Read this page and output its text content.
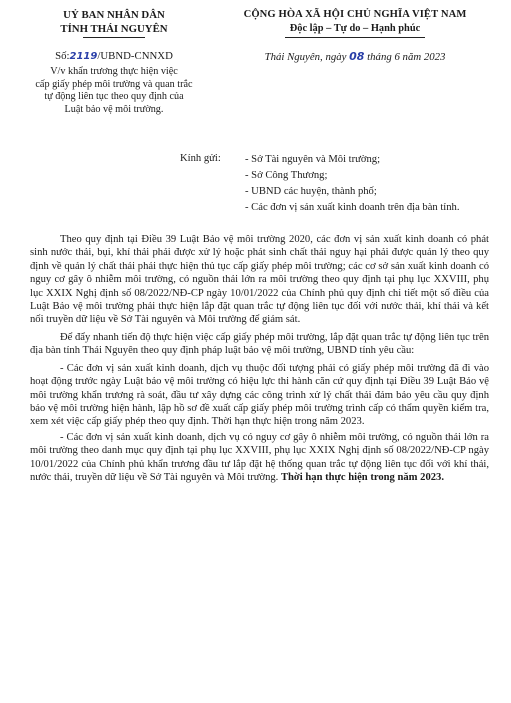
UỶ BAN NHÂN DÂN
TỈNH THÁI NGUYÊN
Số:2119/UBND-CNNXD
V/v khẩn trương thực hiện việc
cấp giấy phép môi trường và quan trắc
tự động liên tục theo quy định của
Luật bảo vệ môi trường.
CỘNG HÒA XÃ HỘI CHỦ NGHĨA VIỆT NAM
Độc lập – Tự do – Hạnh phúc
Thái Nguyên, ngày 08 tháng 6 năm 2023
Kính gửi:	- Sở Tài nguyên và Môi trường;
- Sở Công Thương;
- UBND các huyện, thành phố;
- Các đơn vị sản xuất kinh doanh trên địa bàn tỉnh.

Theo quy định tại Điều 39 Luật Bảo vệ môi trường 2020, các đơn vị sản xuất kinh doanh có phát sinh nước thải, bụi, khí thải phải được xử lý hoặc phát sinh chất thải nguy hại phải được quản lý theo quy định về quản lý chất thải phải thực hiện thủ tục cấp giấy phép môi trường; các cơ sở sản xuất kinh doanh có nguy cơ gây ô nhiễm môi trường, có nguồn thải lớn ra môi trường theo quy định tại phụ lục XXVIII, phụ lục XXIX Nghị định số 08/2022/NĐ-CP ngày 10/01/2022 của Chính phủ quy định chi tiết một số điều của Luật Bảo vệ môi trường phải thực hiện lắp đặt quan trắc tự động liên tục đối với nước thải, khí thải và kết nối truyền dữ liệu về Sở Tài nguyên và Môi trường để giám sát.

Để đẩy nhanh tiến độ thực hiện việc cấp giấy phép môi trường, lắp đặt quan trắc tự động liên tục trên địa bàn tỉnh Thái Nguyên theo quy định pháp luật bảo vệ môi trường, UBND tỉnh yêu cầu:

- Các đơn vị sản xuất kinh doanh, dịch vụ thuộc đối tượng phải có giấy phép môi trường đã đi vào hoạt động trước ngày Luật bảo vệ môi trường có hiệu lực thi hành căn cứ quy định tại Điều 39 Luật Bảo vệ môi trường khẩn trương rà soát, đầu tư xây dựng các công trình xử lý chất thải đảm bảo yêu cầu quy định bảo vệ môi trường hiện hành, lập hồ sơ đề xuất cấp giấy phép môi trường trình cấp có thẩm quyền kiểm tra, xem xét việc cấp giấy phép theo quy định. Thời hạn thực hiện trong năm 2023.

- Các đơn vị sản xuất kinh doanh, dịch vụ có nguy cơ gây ô nhiễm môi trường, có nguồn thải lớn ra môi trường theo danh mục quy định tại phụ lục XXVIII, phụ lục XXIX Nghị định số 08/2022/NĐ-CP ngày 10/01/2022 của Chính phủ khẩn trương đầu tư lắp đặt hệ thống quan trắc tự động liên tục đối với khí thải, nước thải, truyền dữ liệu về Sở Tài nguyên và Môi trường. Thời hạn thực hiện trong năm 2023.
